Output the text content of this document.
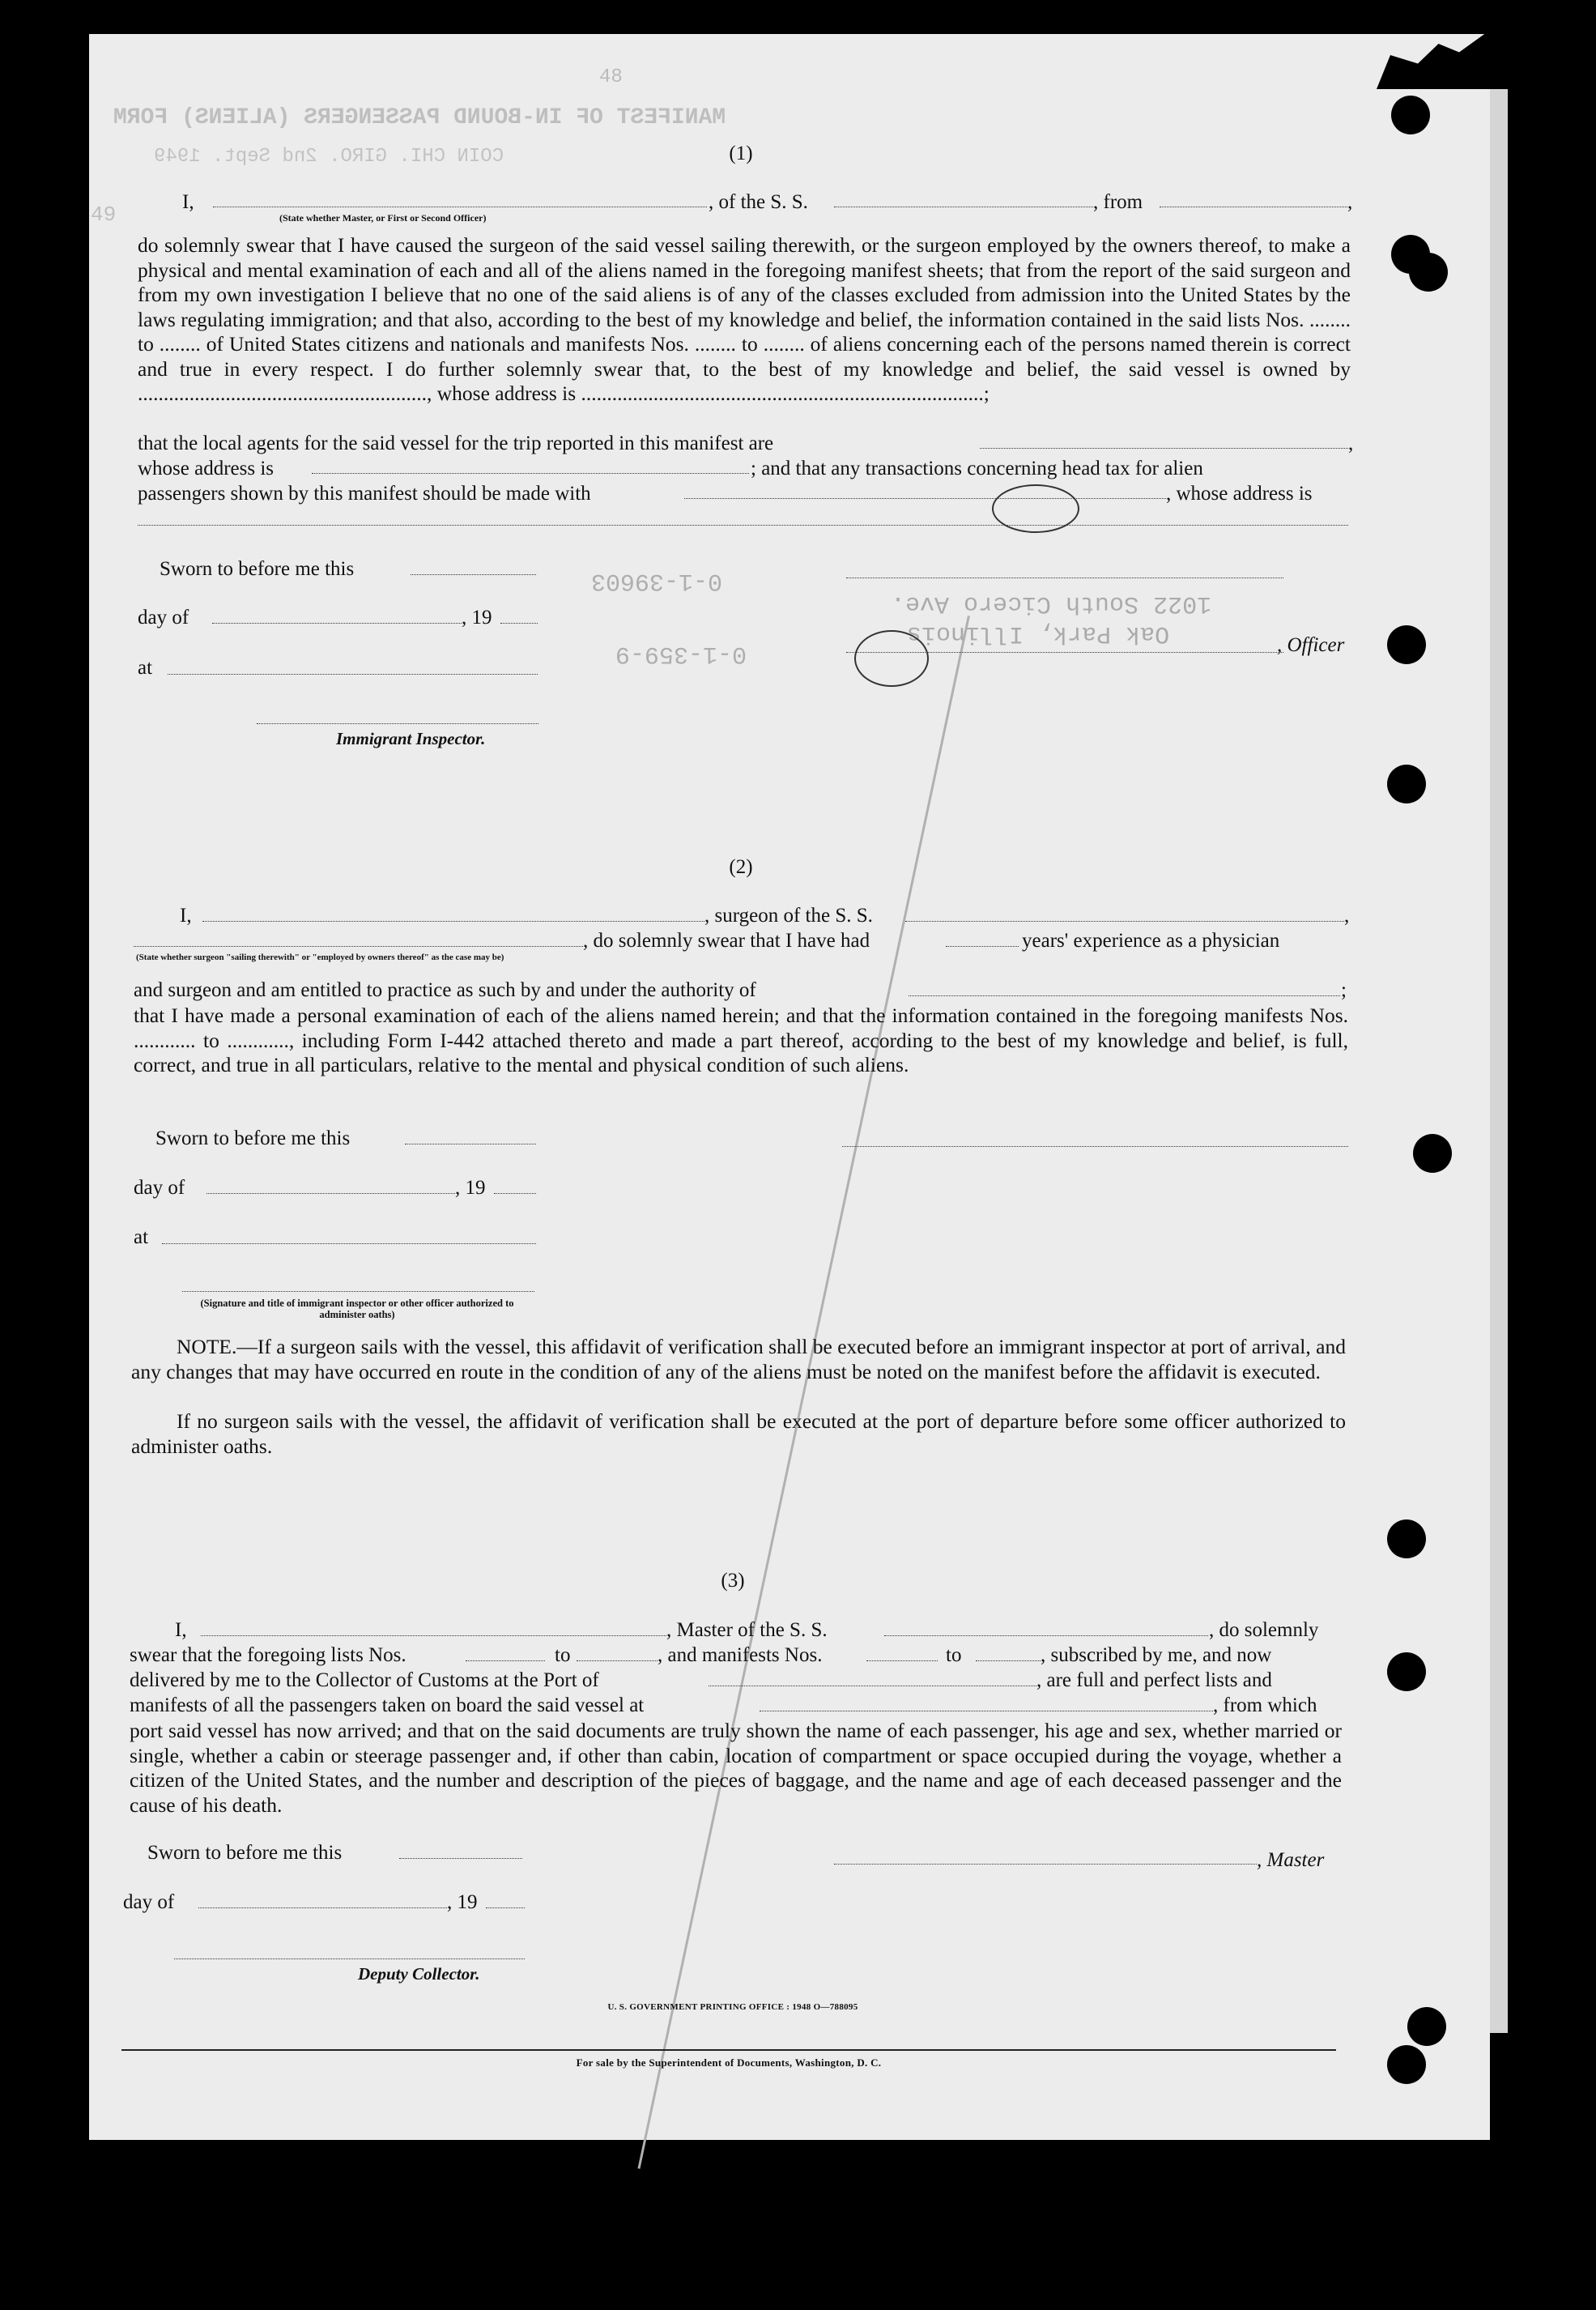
MANIFEST OF IN-BOUND PASSENGERS (ALIENS) FORM
COIN CHI. GIRO. 2nd Sept. 1949
48
49
1022 South Cicero Ave.
Oak Park, Illinois
0-1-39603
0-1-359-9
(1)
I,	, of the S. S.	, from	,
(State whether Master, or First or Second Officer)
do solemnly swear that I have caused the surgeon of the said vessel sailing therewith, or the surgeon employed by the owners thereof, to make a physical and mental examination of each and all of the aliens named in the foregoing manifest sheets; that from the report of the said surgeon and from my own investigation I believe that no one of the said aliens is of any of the classes excluded from admission into the United States by the laws regulating immigration; and that also, according to the best of my knowledge and belief, the information contained in the said lists Nos. ........ to ........ of United States citizens and nationals and manifests Nos. ........ to ........ of aliens concerning each of the persons named therein is correct and true in every respect. I do further solemnly swear that, to the best of my knowledge and belief, the said vessel is owned by ........................................................, whose address is ..............................................................................;
that the local agents for the said vessel for the trip reported in this manifest are	,
whose address is	; and that any transactions concerning head tax for alien
passengers shown by this manifest should be made with	, whose address is
Sworn to before me this
day of	, 19
at
, Officer
Immigrant Inspector.
(2)
I,	, surgeon of the S. S.	,
, do solemnly swear that I have had	years' experience as a physician
(State whether surgeon "sailing therewith" or "employed by owners thereof" as the case may be)
and surgeon and am entitled to practice as such by and under the authority of	;
that I have made a personal examination of each of the aliens named herein; and that the information contained in the foregoing manifests Nos. ............ to ............, including Form I-442 attached thereto and made a part thereof, according to the best of my knowledge and belief, is full, correct, and true in all particulars, relative to the mental and physical condition of such aliens.
Sworn to before me this
day of	, 19
at
(Signature and title of immigrant inspector or other officer authorized to administer oaths)
NOTE.—If a surgeon sails with the vessel, this affidavit of verification shall be executed before an immigrant inspector at port of arrival, and any changes that may have occurred en route in the condition of any of the aliens must be noted on the manifest before the affidavit is executed.
If no surgeon sails with the vessel, the affidavit of verification shall be executed at the port of departure before some officer authorized to administer oaths.
(3)
I,	, Master of the S. S.	, do solemnly
swear that the foregoing lists Nos.	to	, and manifests Nos.	to	, subscribed by me, and now
delivered by me to the Collector of Customs at the Port of	, are full and perfect lists and
manifests of all the passengers taken on board the said vessel at	, from which
port said vessel has now arrived; and that on the said documents are truly shown the name of each passenger, his age and sex, whether married or single, whether a cabin or steerage passenger and, if other than cabin, location of compartment or space occupied during the voyage, whether a citizen of the United States, and the number and description of the pieces of baggage, and the name and age of each deceased passenger and the cause of his death.
Sworn to before me this	, Master
day of	, 19
Deputy Collector.
U. S. GOVERNMENT PRINTING OFFICE : 1948 O—788095
For sale by the Superintendent of Documents, Washington, D. C.
